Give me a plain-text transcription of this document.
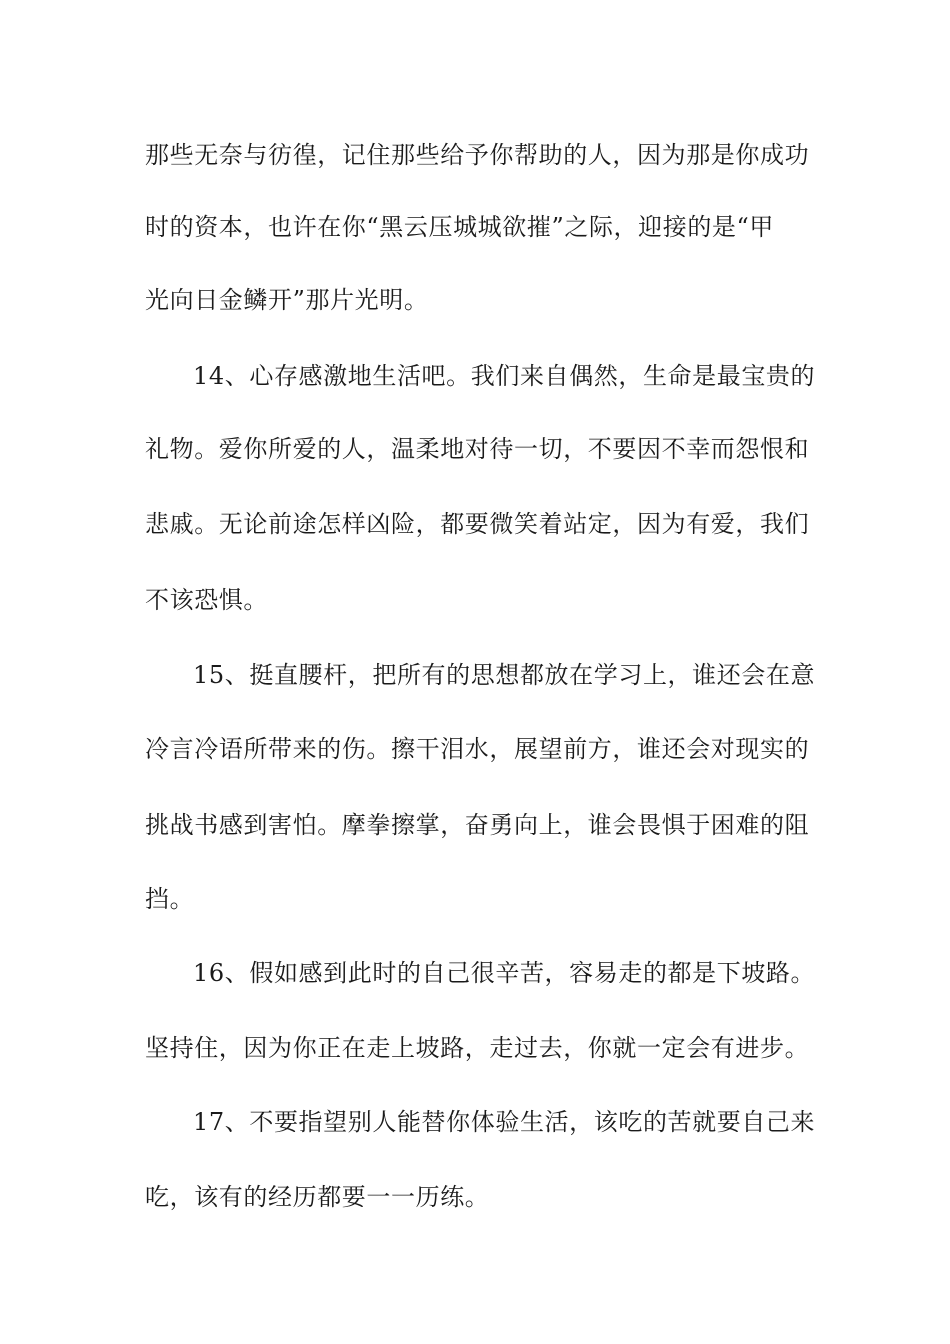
那些无奈与彷徨，记住那些给予你帮助的人，因为那是你成功
时的资本，也许在你“黑云压城城欲摧”之际，迎接的是“甲
光向日金鳞开”那片光明。
14、心存感激地生活吧。我们来自偶然，生命是最宝贵的
礼物。爱你所爱的人，温柔地对待一切，不要因不幸而怨恨和
悲戚。无论前途怎样凶险，都要微笑着站定，因为有爱，我们
不该恐惧。
15、挺直腰杆，把所有的思想都放在学习上，谁还会在意
冷言冷语所带来的伤。擦干泪水，展望前方，谁还会对现实的
挑战书感到害怕。摩拳擦掌，奋勇向上，谁会畏惧于困难的阻
挡。
16、假如感到此时的自己很辛苦，容易走的都是下坡路。
坚持住，因为你正在走上坡路，走过去，你就一定会有进步。
17、不要指望别人能替你体验生活，该吃的苦就要自己来
吃，该有的经历都要一一历练。
